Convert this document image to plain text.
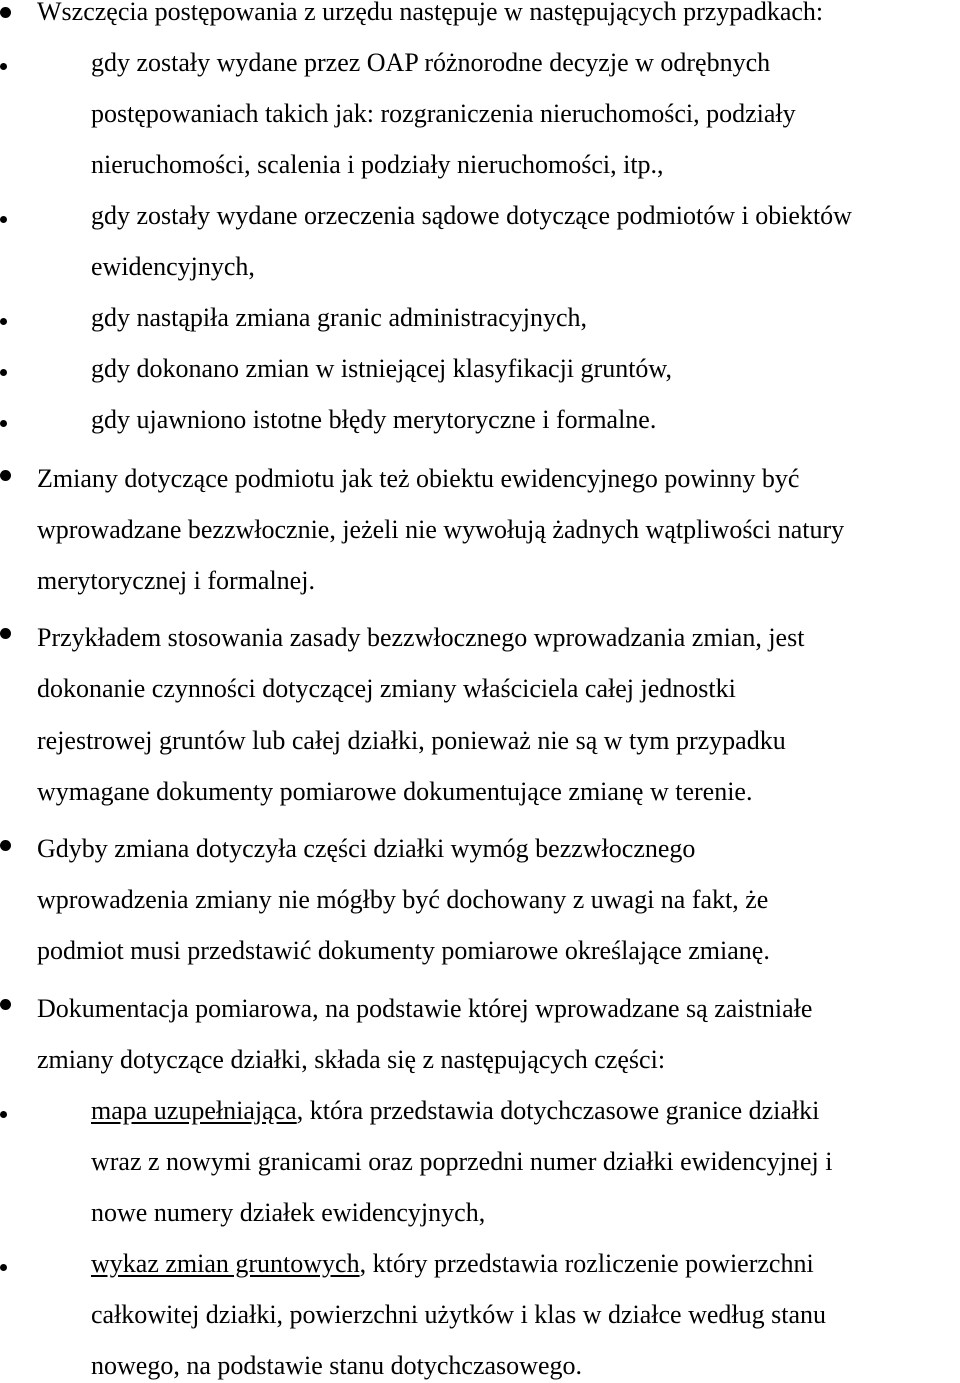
Wszczęcia postępowania z urzędu następuje w następujących przypadkach:
gdy zostały wydane przez OAP różnorodne decyzje w odrębnych
postępowaniach takich jak: rozgraniczenia nieruchomości, podziały
nieruchomości, scalenia i podziały nieruchomości, itp.,
gdy zostały wydane orzeczenia sądowe dotyczące podmiotów i obiektów
ewidencyjnych,
gdy nastąpiła zmiana granic administracyjnych,
gdy dokonano zmian w istniejącej klasyfikacji gruntów,
gdy ujawniono istotne błędy merytoryczne i formalne.
Zmiany dotyczące podmiotu jak też obiektu ewidencyjnego powinny być
wprowadzane bezzwłocznie, jeżeli nie wywołują żadnych wątpliwości natury
merytorycznej i formalnej.
Przykładem stosowania zasady bezzwłocznego wprowadzania zmian, jest
dokonanie czynności dotyczącej zmiany właściciela całej jednostki
rejestrowej gruntów lub całej działki, ponieważ nie są w tym przypadku
wymagane dokumenty pomiarowe dokumentujące zmianę w terenie.
Gdyby zmiana dotyczyła części działki wymóg bezzwłocznego
wprowadzenia zmiany nie mógłby być dochowany z uwagi na fakt, że
podmiot musi przedstawić dokumenty pomiarowe określające zmianę.
Dokumentacja pomiarowa, na podstawie której wprowadzane są zaistniałe
zmiany dotyczące działki, składa się z następujących części:
mapa uzupełniająca, która przedstawia dotychczasowe granice działki
wraz z nowymi granicami oraz poprzedni numer działki ewidencyjnej i
nowe numery działek ewidencyjnych,
wykaz zmian gruntowych, który przedstawia rozliczenie powierzchni
całkowitej działki, powierzchni użytków i klas w działce według stanu
nowego, na podstawie stanu dotychczasowego.
